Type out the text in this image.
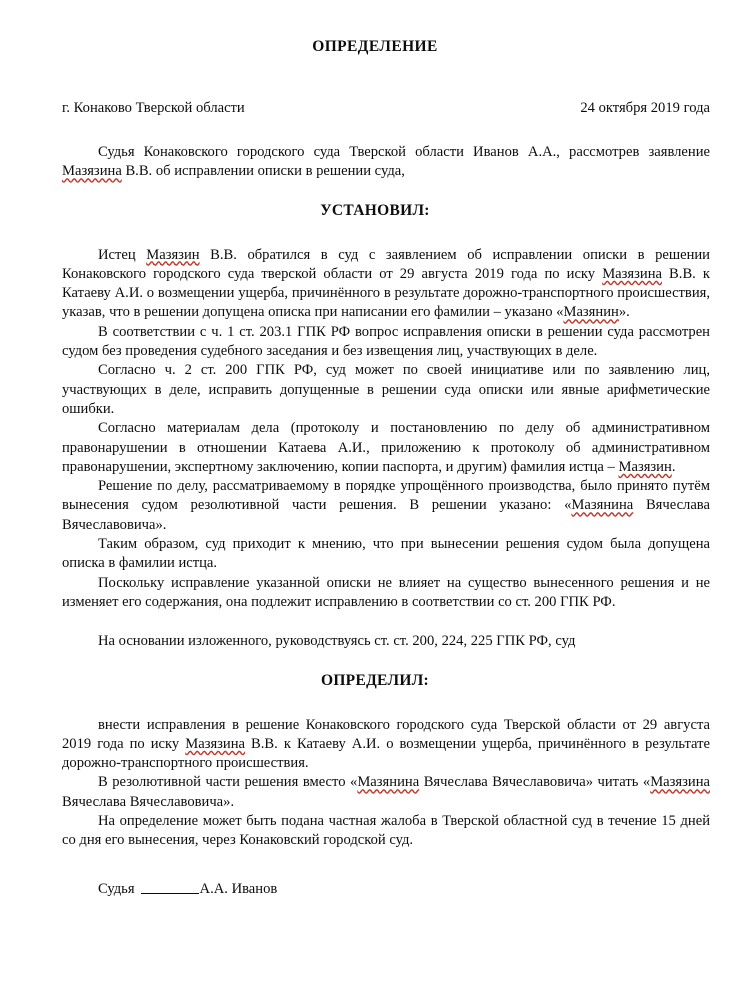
ОПРЕДЕЛЕНИЕ
г. Конаково Тверской области	24 октября 2019 года

Судья Конаковского городского суда Тверской области Иванов А.А., рассмотрев заявление Мазязина В.В. об исправлении описки в решении суда,

УСТАНОВИЛ:

Истец Мазязин В.В. обратился в суд с заявлением об исправлении описки в решении Конаковского городского суда тверской области от 29 августа 2019 года по иску Мазязина В.В. к Катаеву А.И. о возмещении ущерба, причинённого в результате дорожно-транспортного происшествия, указав, что в решении допущена описка при написании его фамилии – указано «Мазянин».

В соответствии с ч. 1 ст. 203.1 ГПК РФ вопрос исправления описки в решении суда рассмотрен судом без проведения судебного заседания и без извещения лиц, участвующих в деле.

Согласно ч. 2 ст. 200 ГПК РФ, суд может по своей инициативе или по заявлению лиц, участвующих в деле, исправить допущенные в решении суда описки или явные арифметические ошибки.

Согласно материалам дела (протоколу и постановлению по делу об административном правонарушении в отношении Катаева А.И., приложению к протоколу об административном правонарушении, экспертному заключению, копии паспорта, и другим) фамилия истца – Мазязин.

Решение по делу, рассматриваемому в порядке упрощённого производства, было принято путём вынесения судом резолютивной части решения. В решении указано: «Мазянина Вячеслава Вячеславовича».

Таким образом, суд приходит к мнению, что при вынесении решения судом была допущена описка в фамилии истца.

Поскольку исправление указанной описки не влияет на существо вынесенного решения и не изменяет его содержания, она подлежит исправлению в соответствии со ст. 200 ГПК РФ.

На основании изложенного, руководствуясь ст. ст. 200, 224, 225 ГПК РФ, суд

ОПРЕДЕЛИЛ:

внести исправления в решение Конаковского городского суда Тверской области от 29 августа 2019 года по иску Мазязина В.В. к Катаеву А.И. о возмещении ущерба, причинённого в результате дорожно-транспортного происшествия.

В резолютивной части решения вместо «Мазянина Вячеслава Вячеславовича» читать «Мазязина Вячеслава Вячеславовича».

На определение может быть подана частная жалоба в Тверской областной суд в течение 15 дней со дня его вынесения, через Конаковский городской суд.

Судья	А.А. Иванов
